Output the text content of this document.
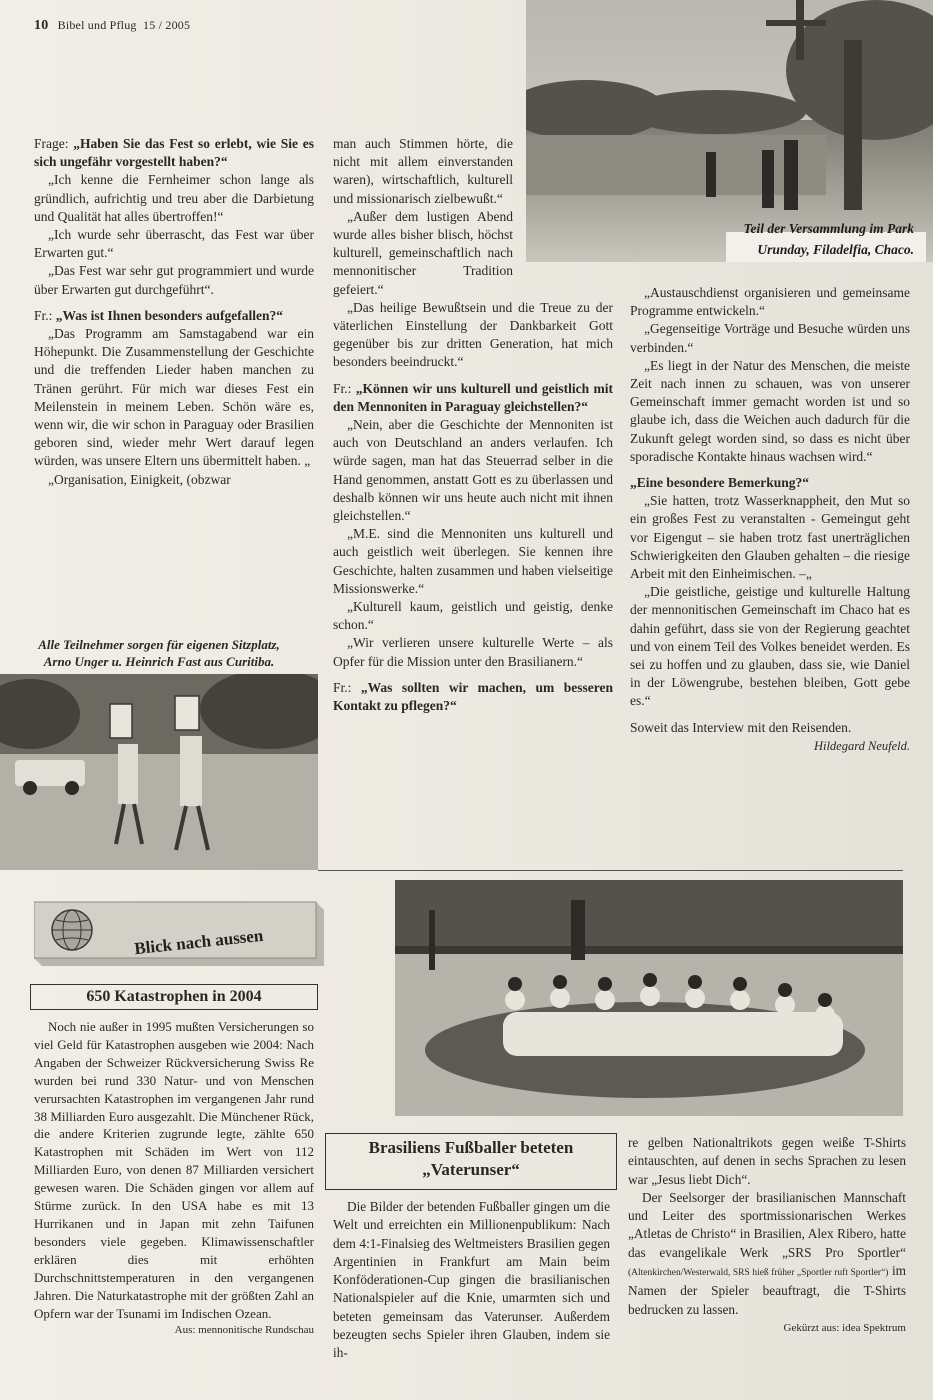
10 Bibel und Pflug 15 / 2005
Teil der Versammlung im Park
Urunday, Filadelfia, Chaco.

Frage: „Haben Sie das Fest so erlebt, wie Sie es sich ungefähr vorgestellt haben?“

„Ich kenne die Fernheimer schon lange als gründlich, aufrichtig und treu aber die Darbietung und Qualität hat alles übertroffen!“

„Ich wurde sehr überrascht, das Fest war über Erwarten gut.“

„Das Fest war sehr gut programmiert und wurde über Erwarten gut durchgeführt“.

Fr.: „Was ist Ihnen besonders aufgefallen?“

„Das Programm am Samstagabend war ein Höhepunkt. Die Zusammenstellung der Geschichte und die treffenden Lieder haben manchen zu Tränen gerührt. Für mich war dieses Fest ein Meilenstein in meinem Leben. Schön wäre es, wenn wir, die wir schon in Paraguay oder Brasilien geboren sind, wieder mehr Wert darauf legen würden, was unsere Eltern uns übermittelt haben. „

„Organisation, Einigkeit, (obzwar

Alle Teilnehmer sorgen für eigenen Sitzplatz,
Arno Unger u. Heinrich Fast aus Curitiba.

man auch Stimmen hörte, die nicht mit allem einverstanden waren), wirtschaftlich, kulturell und missionarisch zielbewußt.“

„Außer dem lustigen Abend wurde alles bisher blisch, höchst kulturell, gemeinschaftlich nach mennonitischer Tradition gefeiert.“

„Das heilige Bewußtsein und die Treue zu der väterlichen Einstellung der Dankbarkeit Gott gegenüber bis zur dritten Generation, hat mich besonders beeindruckt.“

Fr.: „Können wir uns kulturell und geistlich mit den Mennoniten in Paraguay gleichstellen?“

„Nein, aber die Geschichte der Mennoniten ist auch von Deutschland an anders verlaufen. Ich würde sagen, man hat das Steuerrad selber in die Hand genommen, anstatt Gott es zu überlassen und deshalb können wir uns heute auch nicht mit ihnen gleichstellen.“

„M.E. sind die Mennoniten uns kulturell und auch geistlich weit überlegen. Sie kennen ihre Geschichte, halten zusammen und haben vielseitige Missionswerke.“

„Kulturell kaum, geistlich und geistig, denke schon.“

„Wir verlieren unsere kulturelle Werte – als Opfer für die Mission unter den Brasilianern.“

Fr.: „Was sollten wir machen, um besseren Kontakt zu pflegen?“

„Austauschdienst organisieren und gemeinsame Programme entwickeln.“

„Gegenseitige Vorträge und Besuche würden uns verbinden.“

„Es liegt in der Natur des Menschen, die meiste Zeit nach innen zu schauen, was von unserer Gemeinschaft immer gemacht worden ist und so glaube ich, dass die Weichen auch dadurch für die Zukunft gelegt worden sind, so dass es nicht über sporadische Kontakte hinaus wachsen wird.“

„Eine besondere Bemerkung?“

„Sie hatten, trotz Wasserknappheit, den Mut so ein großes Fest zu veranstalten - Gemeingut geht vor Eigengut – sie haben trotz fast unerträglichen Schwierigkeiten den Glauben gehalten – die riesige Arbeit mit den Einheimischen. –„

„Die geistliche, geistige und kulturelle Haltung der mennonitischen Gemeinschaft im Chaco hat es dahin geführt, dass sie von der Regierung geachtet und von einem Teil des Volkes beneidet werden. Es sei zu hoffen und zu glauben, dass sie, wie Daniel in der Löwengrube, bestehen bleiben, Gott gebe es.“

Soweit das Interview mit den Reisenden.

Hildegard Neufeld.

Blick nach aussen
650 Katastrophen in 2004

Noch nie außer in 1995 mußten Versicherungen so viel Geld für Katastrophen ausgeben wie 2004: Nach Angaben der Schweizer Rückversicherung Swiss Re wurden bei rund 330 Natur- und von Menschen verursachten Katastrophen im vergangenen Jahr rund 38 Milliarden Euro ausgezahlt. Die Münchener Rück, die andere Kriterien zugrunde legte, zählte 650 Katastrophen mit Schäden im Wert von 112 Milliarden Euro, von denen 87 Milliarden versichert gewesen waren. Die Schäden gingen vor allem auf Stürme zurück. In den USA habe es mit 13 Hurrikanen und in Japan mit zehn Taifunen besonders viele gegeben. Klimawissenschaftler erklären dies mit erhöhten Durchschnittstemperaturen in den vergangenen Jahren. Die Naturkatastrophe mit der größten Zahl an Opfern war der Tsunami im Indischen Ozean.

Aus: mennonitische Rundschau

Brasiliens Fußballer beteten
„Vaterunser“

Die Bilder der betenden Fußballer gingen um die Welt und erreichten ein Millionenpublikum: Nach dem 4:1-Finalsieg des Weltmeisters Brasilien gegen Argentinien in Frankfurt am Main beim Konföderationen-Cup gingen die brasilianischen Nationalspieler auf die Knie, umarmten sich und beteten gemeinsam das Vaterunser. Außerdem bezeugten sechs Spieler ihren Glauben, indem sie ih-

re gelben Nationaltrikots gegen weiße T-Shirts eintauschten, auf denen in sechs Sprachen zu lesen war „Jesus liebt Dich“.

Der Seelsorger der brasilianischen Mannschaft und Leiter des sportmissionarischen Werkes „Atletas de Christo“ in Brasilien, Alex Ribero, hatte das evangelikale Werk „SRS Pro Sportler“ (Altenkirchen/Westerwald, SRS hieß früher „Sportler ruft Sportler“) im Namen der Spieler beauftragt, die T-Shirts bedrucken zu lassen.

Gekürzt aus: idea Spektrum
